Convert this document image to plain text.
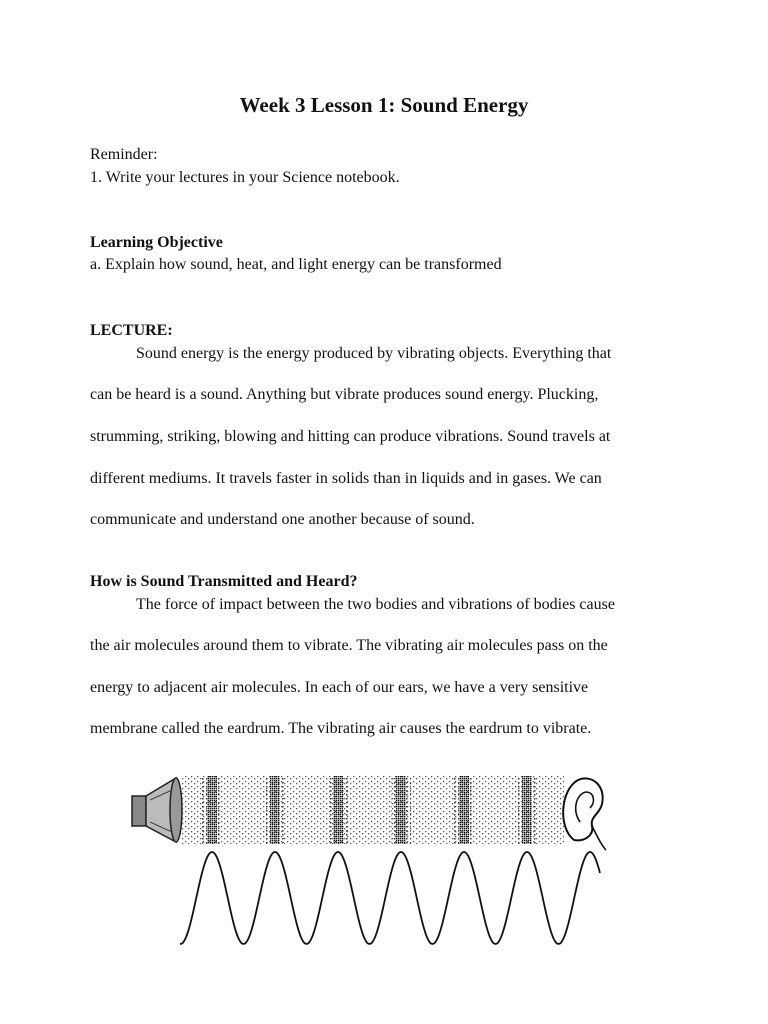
Week 3 Lesson 1: Sound Energy
Reminder:
1. Write your lectures in your Science notebook.
Learning Objective
a. Explain how sound, heat, and light energy can be transformed
LECTURE:
Sound energy is the energy produced by vibrating objects. Everything that
can be heard is a sound. Anything but vibrate produces sound energy. Plucking,
strumming, striking, blowing and hitting can produce vibrations. Sound travels at
different mediums. It travels faster in solids than in liquids and in gases. We can
communicate and understand one another because of sound.
How is Sound Transmitted and Heard?
The force of impact between the two bodies and vibrations of bodies cause
the air molecules around them to vibrate. The vibrating air molecules pass on the
energy to adjacent air molecules. In each of our ears, we have a very sensitive
membrane called the eardrum. The vibrating air causes the eardrum to vibrate.
